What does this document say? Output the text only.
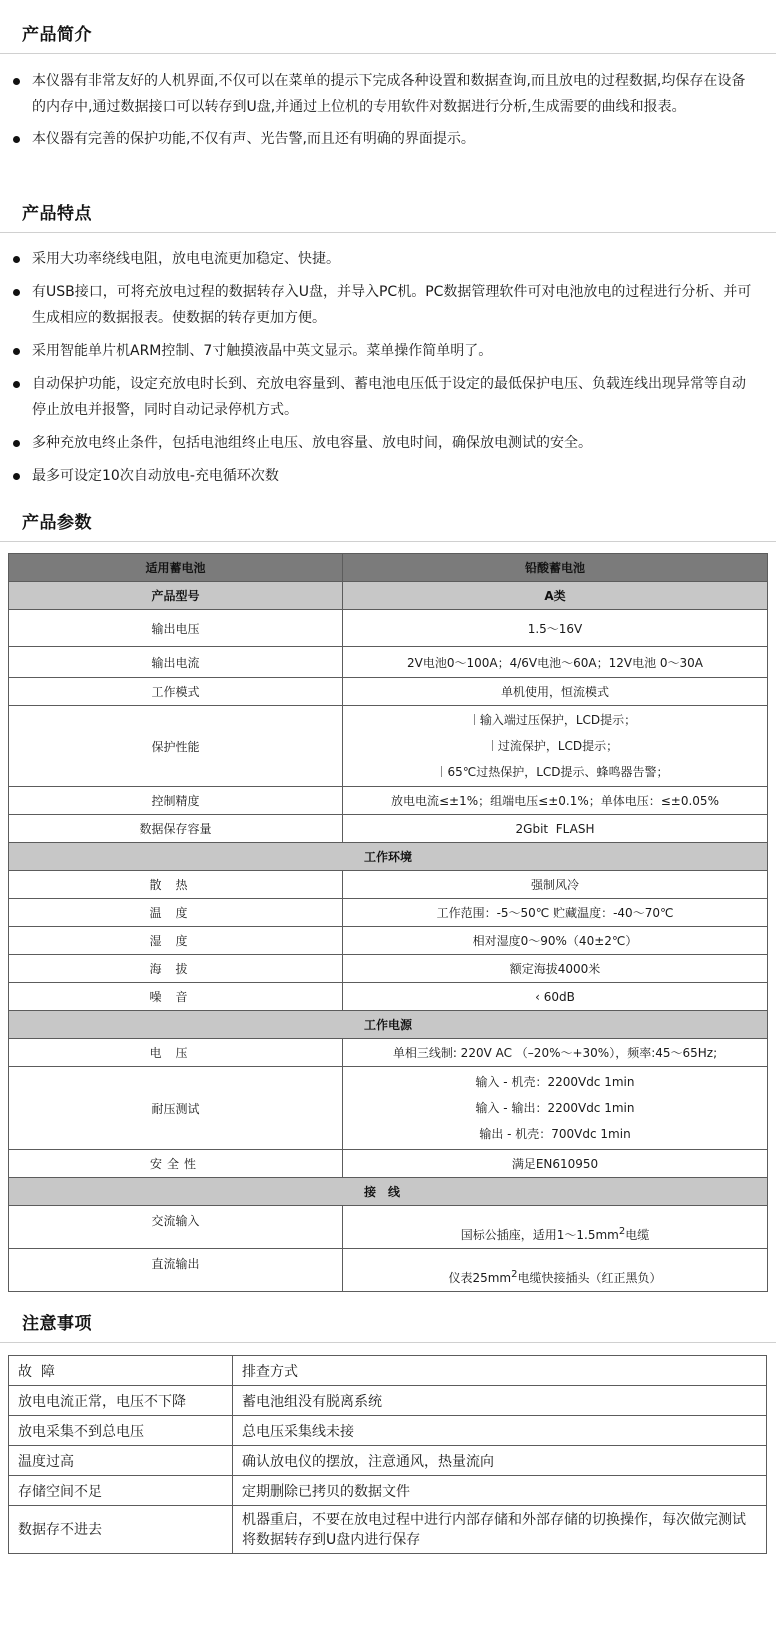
产品简介
本仪器有非常友好的人机界面,不仅可以在菜单的提示下完成各种设置和数据查询,而且放电的过程数据,均保存在设备的内存中,通过数据接口可以转存到U盘,并通过上位机的专用软件对数据进行分析,生成需要的曲线和报表。
本仪器有完善的保护功能,不仅有声、光告警,而且还有明确的界面提示。
产品特点
采用大功率绕线电阻，放电电流更加稳定、快捷。
有USB接口，可将充放电过程的数据转存入U盘，并导入PC机。PC数据管理软件可对电池放电的过程进行分析、并可生成相应的数据报表。使数据的转存更加方便。
采用智能单片机ARM控制、7寸触摸液晶中英文显示。菜单操作简单明了。
自动保护功能，设定充放电时长到、充放电容量到、蓄电池电压低于设定的最低保护电压、负载连线出现异常等自动停止放电并报警，同时自动记录停机方式。
多种充放电终止条件，包括电池组终止电压、放电容量、放电时间，确保放电测试的安全。
最多可设定10次自动放电-充电循环次数
产品参数
适用蓄电池	铅酸蓄电池
产品型号	A类
输出电压	1.5～16V
输出电流	2V电池0～100A；4/6V电池～60A；12V电池 0～30A
工作模式	单机使用，恒流模式
保护性能	输入端过压保护，LCD提示；
过流保护，LCD提示；
65℃过热保护，LCD提示、蜂鸣器告警；

控制精度	放电电流≤±1%；组端电压≤±0.1%；单体电压：≤±0.05%
数据保存容量	2Gbit  FLASH
工作环境	
散热	强制风冷
温度	工作范围：-5～50℃ 贮藏温度：-40～70℃
湿度	相对湿度0～90%（40±2℃）
海拔	额定海拔4000米
噪音	‹ 60dB
工作电源	
电压	单相三线制: 220V AC （–20%～+30%），频率:45～65Hz;
耐压测试	输入 - 机壳：2200Vdc 1min
输入 - 输出：2200Vdc 1min
输出 - 机壳：700Vdc 1min

安全性	满足EN610950
接线	
交流输入	国标公插座，适用$1\sim 1.5mm^2$电缆

直流输出	仪表$25mm^2$电缆快接插头（红正黑负）
注意事项
故  障	排查方式
放电电流正常，电压不下降	蓄电池组没有脱离系统
放电采集不到总电压	总电压采集线未接
温度过高	确认放电仪的摆放，注意通风，热量流向
存储空间不足	定期删除已拷贝的数据文件
数据存不进去	机器重启，不要在放电过程中进行内部存储和外部存储的切换操作，每次做完测试将数据转存到U盘内进行保存
